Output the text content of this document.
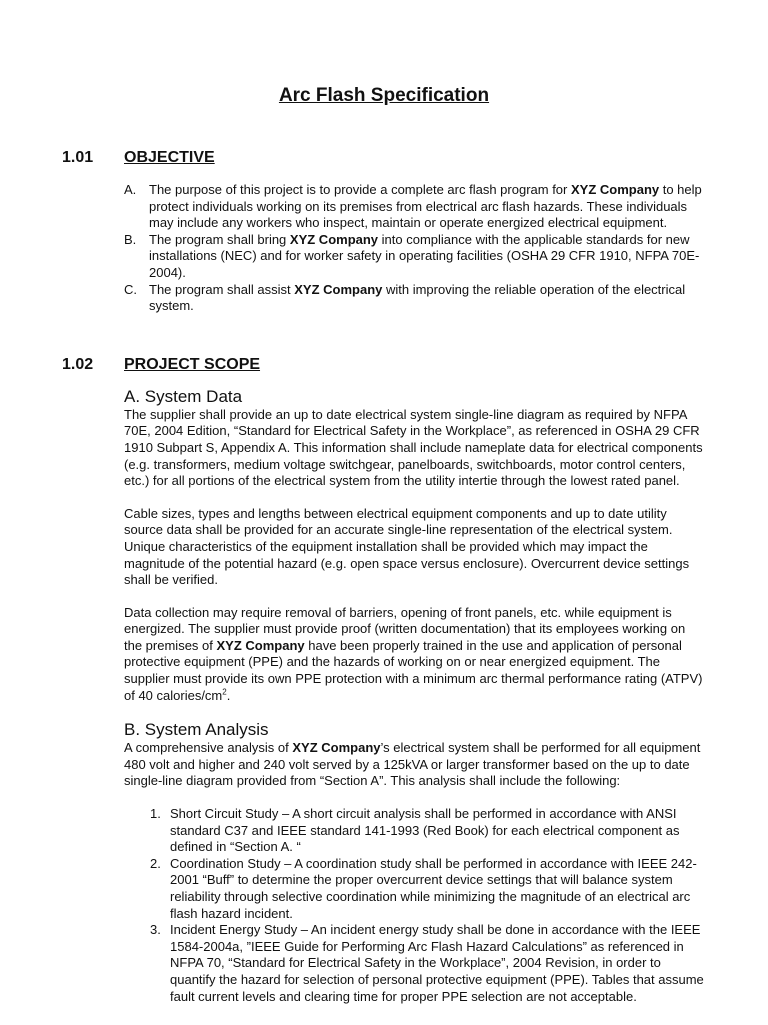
Arc Flash Specification
1.01 OBJECTIVE
A. The purpose of this project is to provide a complete arc flash program for XYZ Company to help protect individuals working on its premises from electrical arc flash hazards. These individuals may include any workers who inspect, maintain or operate energized electrical equipment.
B. The program shall bring XYZ Company into compliance with the applicable standards for new installations (NEC) and for worker safety in operating facilities (OSHA 29 CFR 1910, NFPA 70E-2004).
C. The program shall assist XYZ Company with improving the reliable operation of the electrical system.
1.02 PROJECT SCOPE
A. System Data

The supplier shall provide an up to date electrical system single-line diagram as required by NFPA 70E, 2004 Edition, “Standard for Electrical Safety in the Workplace”, as referenced in OSHA 29 CFR 1910 Subpart S, Appendix A. This information shall include nameplate data for electrical components (e.g. transformers, medium voltage switchgear, panelboards, switchboards, motor control centers, etc.) for all portions of the electrical system from the utility intertie through the lowest rated panel.

Cable sizes, types and lengths between electrical equipment components and up to date utility source data shall be provided for an accurate single-line representation of the electrical system. Unique characteristics of the equipment installation shall be provided which may impact the magnitude of the potential hazard (e.g. open space versus enclosure). Overcurrent device settings shall be verified.

Data collection may require removal of barriers, opening of front panels, etc. while equipment is energized. The supplier must provide proof (written documentation) that its employees working on the premises of XYZ Company have been properly trained in the use and application of personal protective equipment (PPE) and the hazards of working on or near energized equipment. The supplier must provide its own PPE protection with a minimum arc thermal performance rating (ATPV) of 40 calories/$cm^2$.

B. System Analysis

A comprehensive analysis of XYZ Company’s electrical system shall be performed for all equipment 480 volt and higher and 240 volt served by a 125kVA or larger transformer based on the up to date single-line diagram provided from “Section A”. This analysis shall include the following:

1. Short Circuit Study – A short circuit analysis shall be performed in accordance with ANSI standard C37 and IEEE standard 141-1993 (Red Book) for each electrical component as defined in “Section A. “
2. Coordination Study – A coordination study shall be performed in accordance with IEEE 242-2001 “Buff” to determine the proper overcurrent device settings that will balance system reliability through selective coordination while minimizing the magnitude of an electrical arc flash hazard incident.
3. Incident Energy Study – An incident energy study shall be done in accordance with the IEEE 1584-2004a, ”IEEE Guide for Performing Arc Flash Hazard Calculations” as referenced in NFPA 70, “Standard for Electrical Safety in the Workplace”, 2004 Revision, in order to quantify the hazard for selection of personal protective equipment (PPE). Tables that assume fault current levels and clearing time for proper PPE selection are not acceptable.
